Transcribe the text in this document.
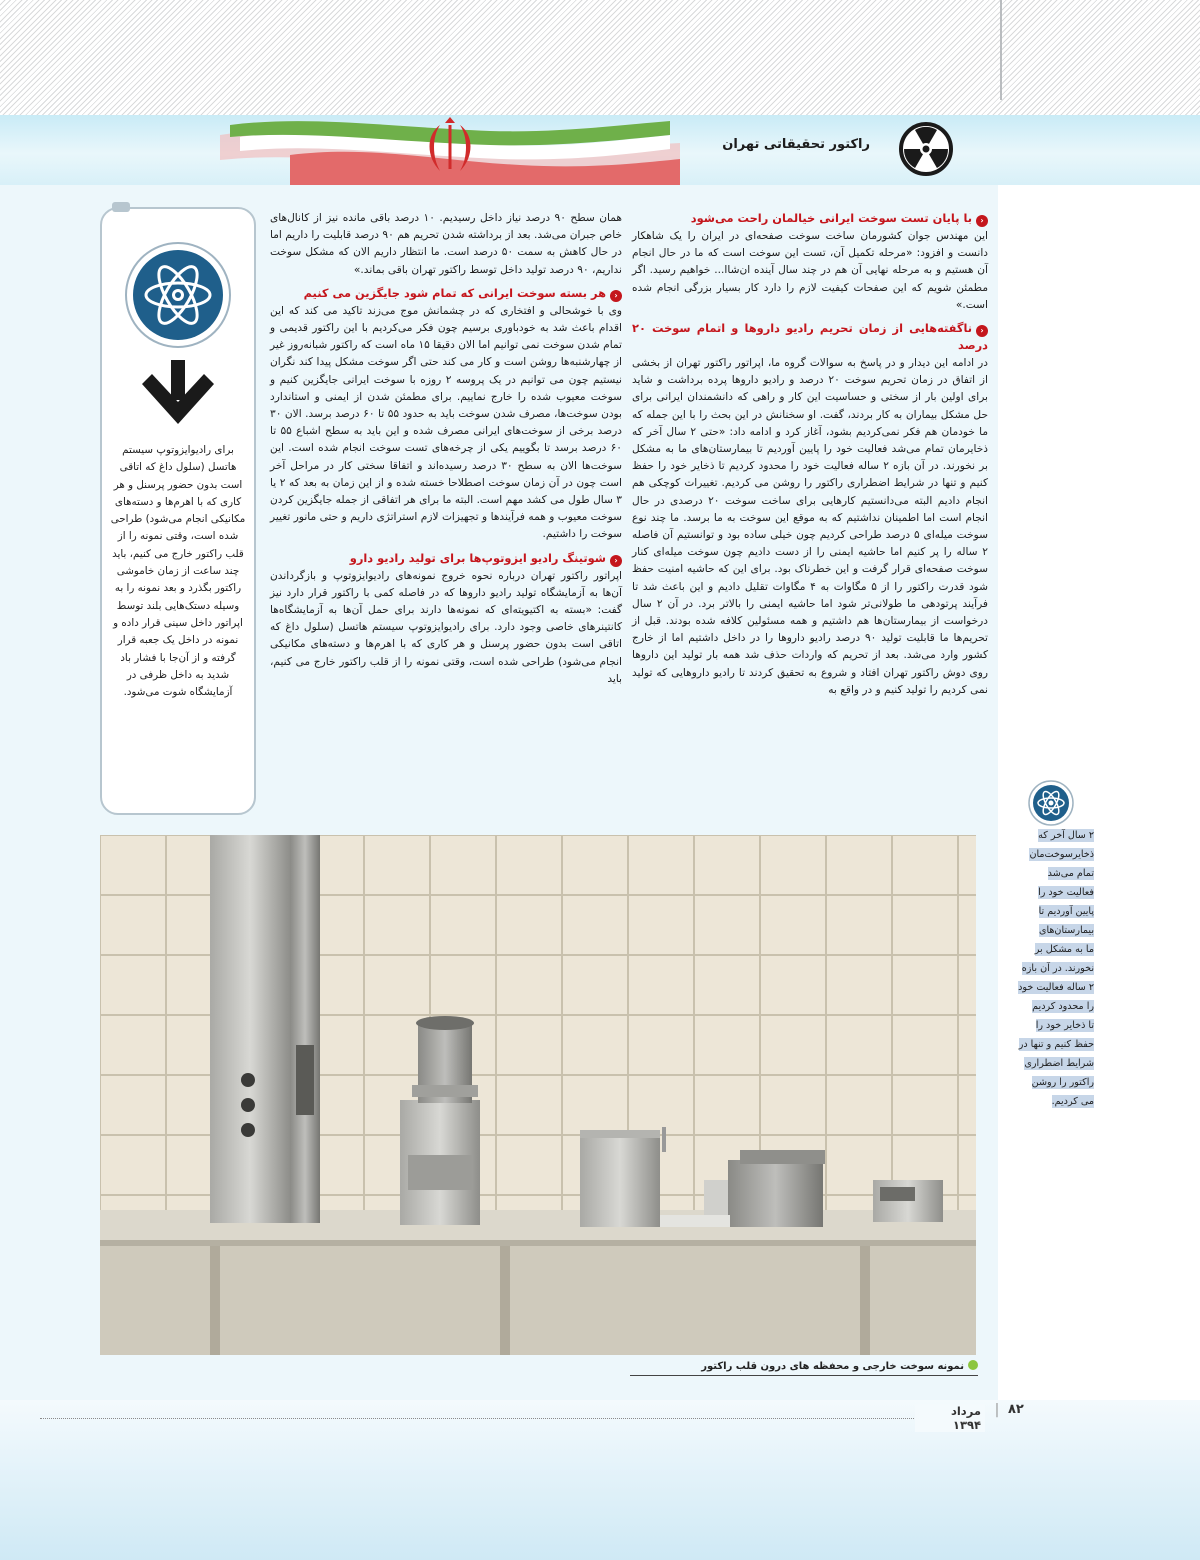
راکتور تحقیقاتی تهران
‹با پایان تست سوخت ایرانی خیالمان راحت می‌شود
این مهندس جوان کشورمان ساخت سوخت صفحه‌ای در ایران را یک شاهکار دانست و افزود: «مرحله تکمیل آن، تست این سوخت است که ما در حال انجام آن هستیم و به مرحله نهایی آن هم در چند سال آینده ان‌شاا... خواهیم رسید. اگر مطمئن شویم که این صفحات کیفیت لازم را دارد کار بسیار بزرگی انجام شده است.»
‹ناگفته‌هایی از زمان تحریم رادیو داروها و اتمام سوخت ۲۰ درصد
در ادامه این دیدار و در پاسخ به سوالات گروه ما، اپراتور راکتور تهران از بخشی از اتفاق در زمان تحریم سوخت ۲۰ درصد و رادیو داروها پرده برداشت و شاید برای اولین بار از سختی و حساسیت این کار و راهی که دانشمندان ایرانی برای حل مشکل بیماران به کار بردند، گفت. او سخنانش در این بحث را با این جمله که ما خودمان هم فکر نمی‌کردیم بشود، آغاز کرد و ادامه داد: «حتی ۲ سال آخر که ذخایرمان تمام می‌شد فعالیت خود را پایین آوردیم تا بیمارستان‌های ما به مشکل بر نخورند. در آن بازه ۲ ساله فعالیت خود را محدود کردیم تا ذخایر خود را حفظ کنیم و تنها در شرایط اضطراری راکتور را روشن می کردیم. تغییرات کوچکی هم انجام دادیم البته می‌دانستیم کارهایی برای ساخت سوخت ۲۰ درصدی در حال انجام است اما اطمینان نداشتیم که به موقع این سوخت به ما برسد. ما چند نوع سوخت میله‌ای ۵ درصد طراحی کردیم چون خیلی ساده بود و توانستیم آن فاصله ۲ ساله را پر کنیم اما حاشیه ایمنی را از دست دادیم چون سوخت میله‌ای کنار سوخت صفحه‌ای قرار گرفت و این خطرناک بود. برای این که حاشیه امنیت حفظ شود قدرت راکتور را از ۵ مگاوات به ۴ مگاوات تقلیل دادیم و این باعث شد تا فرآیند پرتودهی ما طولانی‌تر شود اما حاشیه ایمنی را بالاتر برد. در آن ۲ سال درخواست از بیمارستان‌ها هم داشتیم و همه مسئولین کلافه شده بودند. قبل از تحریم‌ها ما قابلیت تولید ۹۰ درصد رادیو داروها را در داخل داشتیم اما از خارج کشور وارد می‌شد. بعد از تحریم که واردات حذف شد همه بار تولید این داروها روی دوش راکتور تهران افتاد و شروع به تحقیق کردند تا رادیو داروهایی که تولید نمی کردیم را تولید کنیم و در واقع به
همان سطح ۹۰ درصد نیاز داخل رسیدیم. ۱۰ درصد باقی مانده نیز از کانال‌های خاص جبران می‌شد. بعد از برداشته شدن تحریم هم ۹۰ درصد قابلیت را داریم اما در حال کاهش به سمت ۵۰ درصد است. ما انتظار داریم الان که مشکل سوخت نداریم، ۹۰ درصد تولید داخل توسط راکتور تهران باقی بماند.»
‹هر بسته سوخت ایرانی که تمام شود جایگزین می کنیم
وی با خوشحالی و افتخاری که در چشمانش موج می‌زند تاکید می کند که این اقدام باعث شد به خودباوری برسیم چون فکر می‌کردیم با این راکتور قدیمی و تمام شدن سوخت نمی توانیم اما الان دقیقا ۱۵ ماه است که راکتور شبانه‌روز غیر از چهارشنبه‌ها روشن است و کار می کند حتی اگر سوخت مشکل پیدا کند نگران نیستیم چون می توانیم در یک پروسه ۲ روزه با سوخت ایرانی جایگزین کنیم و سوخت معیوب شده را خارج نماییم. برای مطمئن شدن از ایمنی و استاندارد بودن سوخت‌ها، مصرف شدن سوخت باید به حدود ۵۵ تا ۶۰ درصد برسد. الان ۳۰ درصد برخی از سوخت‌های ایرانی مصرف شده و این باید به سطح اشباع ۵۵ تا ۶۰ درصد برسد تا بگوییم یکی از چرخه‌های تست سوخت انجام شده است. این سوخت‌ها الان به سطح ۳۰ درصد رسیده‌اند و اتفاقا سختی کار در مراحل آخر است چون در آن زمان سوخت اصطلاحا خسته شده و از این زمان به بعد که ۲ یا ۳ سال طول می کشد مهم است. البته ما برای هر اتفاقی از جمله جایگزین کردن سوخت معیوب و همه فرآیندها و تجهیزات لازم استراتژی داریم و حتی مانور تغییر سوخت را داشتیم.
‹شوتینگ رادیو ایزوتوپ‌ها برای تولید رادیو دارو
اپراتور راکتور تهران درباره نحوه خروج نمونه‌های رادیوایزوتوپ و بازگرداندن آن‌ها به آزمایشگاه تولید رادیو داروها که در فاصله کمی با راکتور قرار دارد نیز گفت: «بسته به اکتیویته‌ای که نمونه‌ها دارند برای حمل آن‌ها به آزمایشگاه‌ها کانتینرهای خاصی وجود دارد. برای رادیوایزوتوپ سیستم هاتسل (سلول داغ که اتاقی است بدون حضور پرسنل و هر کاری که با اهرم‌ها و دسته‌های مکانیکی انجام می‌شود) طراحی شده است، وقتی نمونه را از قلب راکتور خارج می کنیم، باید
برای رادیوایزوتوپ سیستم هاتسل (سلول داغ که اتاقی است بدون حضور پرسنل و هر کاری که با اهرم‌ها و دسته‌های مکانیکی انجام می‌شود) طراحی شده است، وقتی نمونه را از قلب راکتور خارج می کنیم، باید چند ساعت از زمان خاموشی راکتور بگذرد و بعد نمونه را به وسیله دستک‌هایی بلند توسط اپراتور داخل سینی قرار داده و نمونه در داخل یک جعبه قرار گرفته و از آن‌جا با فشار باد شدید به داخل ظرفی در آزمایشگاه شوت می‌شود.
نمونه سوخت خارجی و محفظه های درون قلب راکتور
۲ سال آخر که
ذخایرسوخت‌مان
تمام می‌شد
فعالیت خود را
پایین آوردیم تا
بیمارستان‌های
ما به مشکل بر
نخورند. در آن بازه
۲ ساله فعالیت خود
را محدود کردیم
تا ذخایر خود را
حفظ کنیم و تنها در
شرایط اضطراری
راکتور را روشن
می کردیم.
مرداد ۱۳۹۴
| ۸۲
